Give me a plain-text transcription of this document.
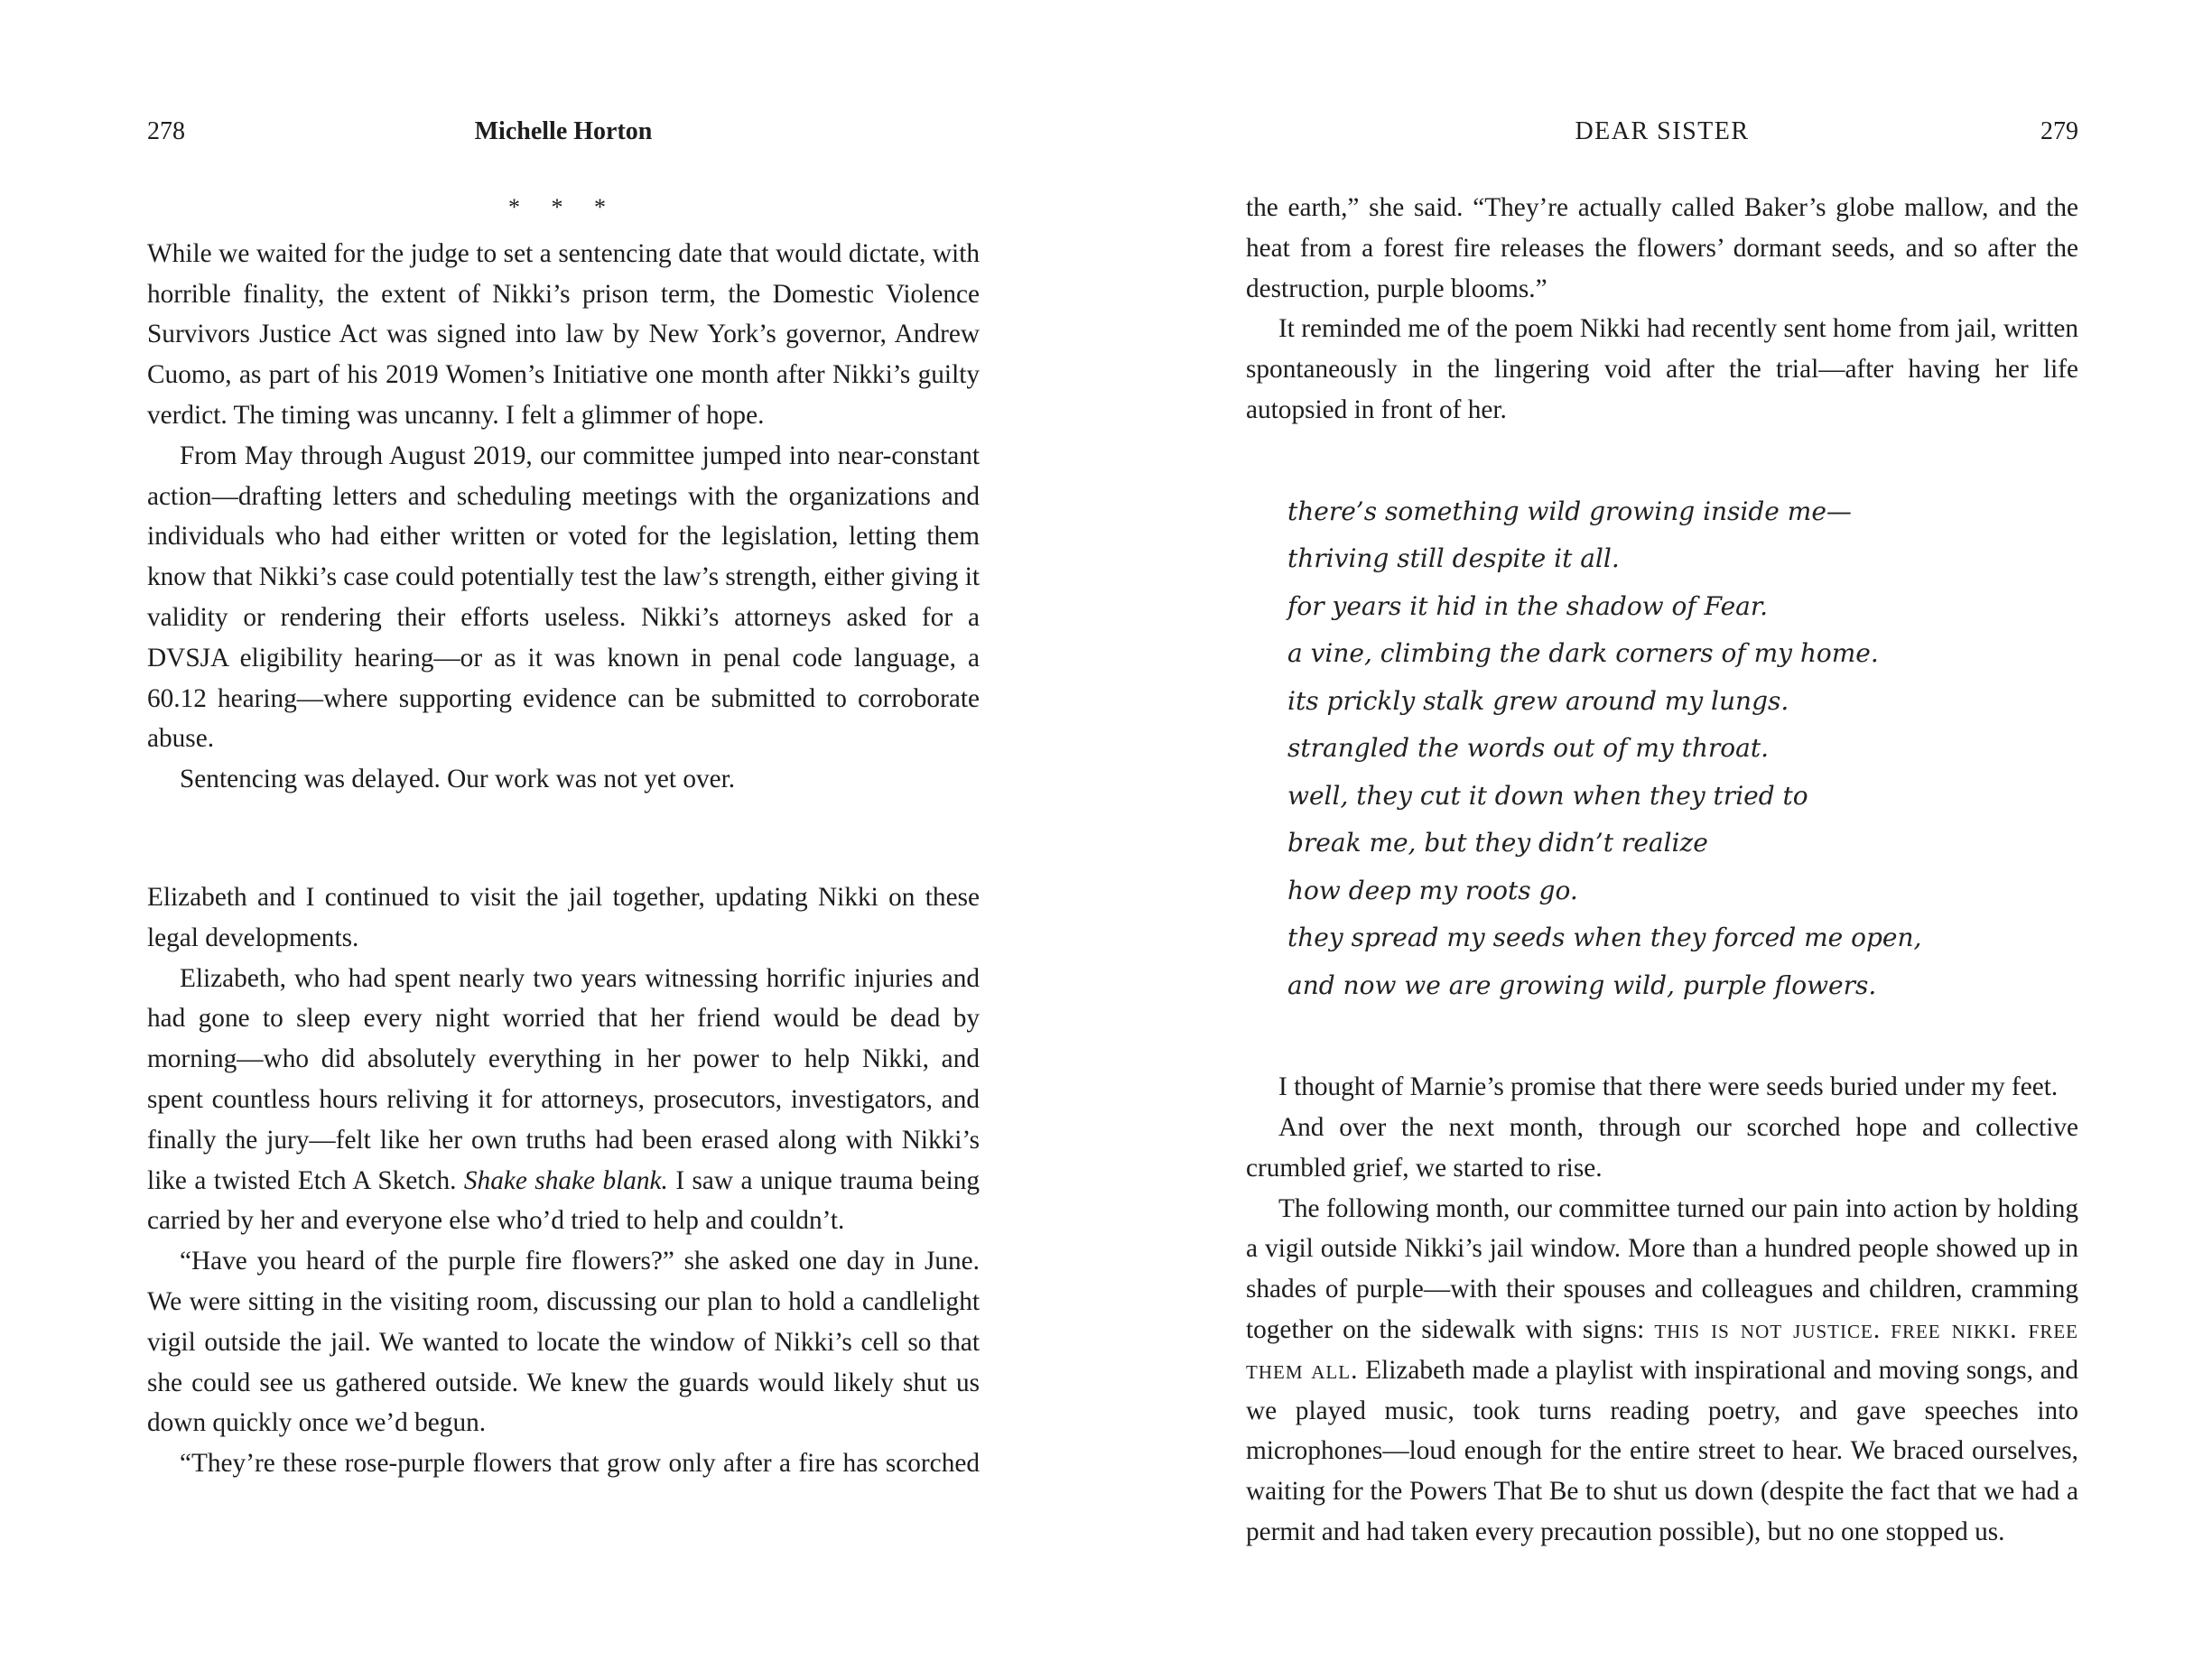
278	Michelle Horton
* * *

While we waited for the judge to set a sentencing date that would dictate, with horrible finality, the extent of Nikki’s prison term, the Domestic Violence Survivors Justice Act was signed into law by New York’s governor, Andrew Cuomo, as part of his 2019 Women’s Initiative one month after Nikki’s guilty verdict. The timing was uncanny. I felt a glimmer of hope.

From May through August 2019, our committee jumped into near-constant action—drafting letters and scheduling meetings with the organizations and individuals who had either written or voted for the legislation, letting them know that Nikki’s case could potentially test the law’s strength, either giving it validity or rendering their efforts useless. Nikki’s attorneys asked for a DVSJA eligibility hearing—or as it was known in penal code language, a 60.12 hearing—where supporting evidence can be submitted to corroborate abuse.

Sentencing was delayed. Our work was not yet over.

Elizabeth and I continued to visit the jail together, updating Nikki on these legal developments.

Elizabeth, who had spent nearly two years witnessing horrific injuries and had gone to sleep every night worried that her friend would be dead by morning—who did absolutely everything in her power to help Nikki, and spent countless hours reliving it for attorneys, prosecutors, investigators, and finally the jury—felt like her own truths had been erased along with Nikki’s like a twisted Etch A Sketch. Shake shake blank. I saw a unique trauma being carried by her and everyone else who’d tried to help and couldn’t.

“Have you heard of the purple fire flowers?” she asked one day in June. We were sitting in the visiting room, discussing our plan to hold a candlelight vigil outside the jail. We wanted to locate the window of Nikki’s cell so that she could see us gathered outside. We knew the guards would likely shut us down quickly once we’d begun.

“They’re these rose-purple flowers that grow only after a fire has scorched

DEAR SISTER	279

the earth,” she said. “They’re actually called Baker’s globe mallow, and the heat from a forest fire releases the flowers’ dormant seeds, and so after the destruction, purple blooms.”

It reminded me of the poem Nikki had recently sent home from jail, written spontaneously in the lingering void after the trial—after having her life autopsied in front of her.

there’s something wild growing inside me—
thriving still despite it all.
for years it hid in the shadow of Fear.
a vine, climbing the dark corners of my home.
its prickly stalk grew around my lungs.
strangled the words out of my throat.
well, they cut it down when they tried to
break me, but they didn’t realize
how deep my roots go.
they spread my seeds when they forced me open,
and now we are growing wild, purple flowers.

I thought of Marnie’s promise that there were seeds buried under my feet.

And over the next month, through our scorched hope and collective crumbled grief, we started to rise.

The following month, our committee turned our pain into action by holding a vigil outside Nikki’s jail window. More than a hundred people showed up in shades of purple—with their spouses and colleagues and children, cramming together on the sidewalk with signs: this is not justice. free nikki. free them all. Elizabeth made a playlist with inspirational and moving songs, and we played music, took turns reading poetry, and gave speeches into microphones—loud enough for the entire street to hear. We braced ourselves, waiting for the Powers That Be to shut us down (despite the fact that we had a permit and had taken every precaution possible), but no one stopped us.
